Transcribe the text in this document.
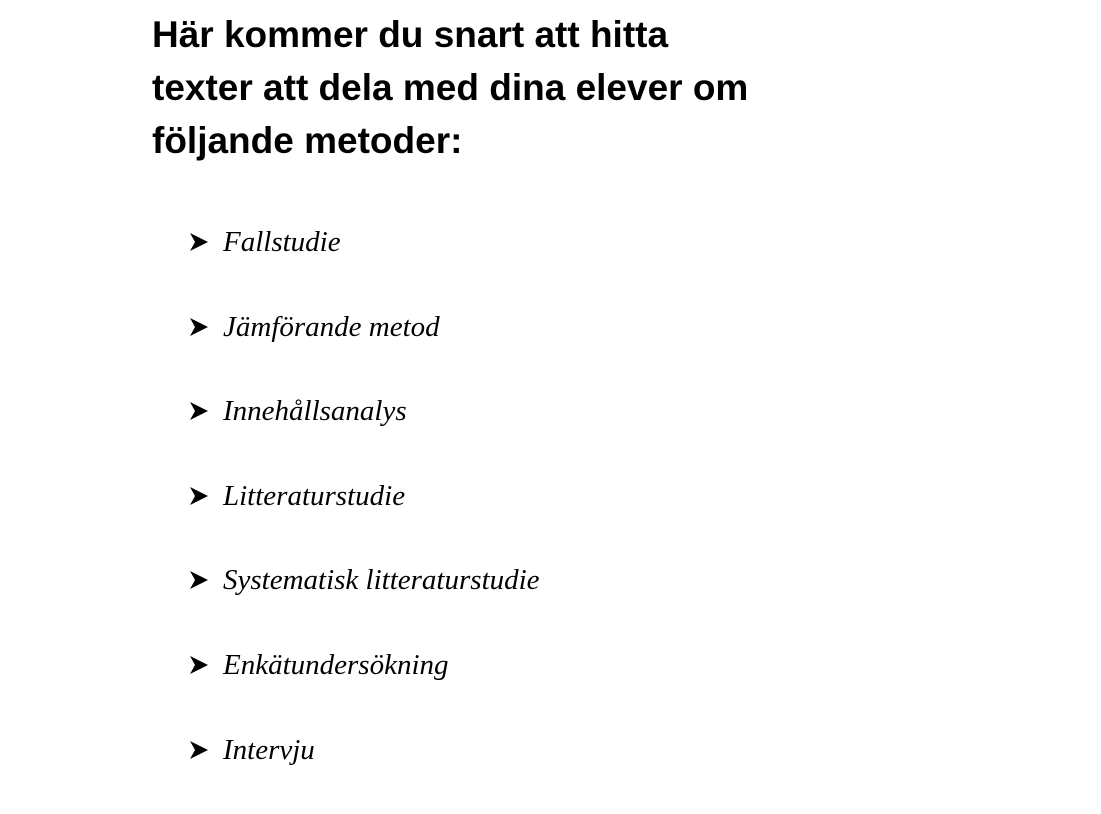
Här kommer du snart att hitta
texter att dela med dina elever om
följande metoder:
Fallstudie
Jämförande metod
Innehållsanalys
Litteraturstudie
Systematisk litteraturstudie
Enkätundersökning
Intervju
